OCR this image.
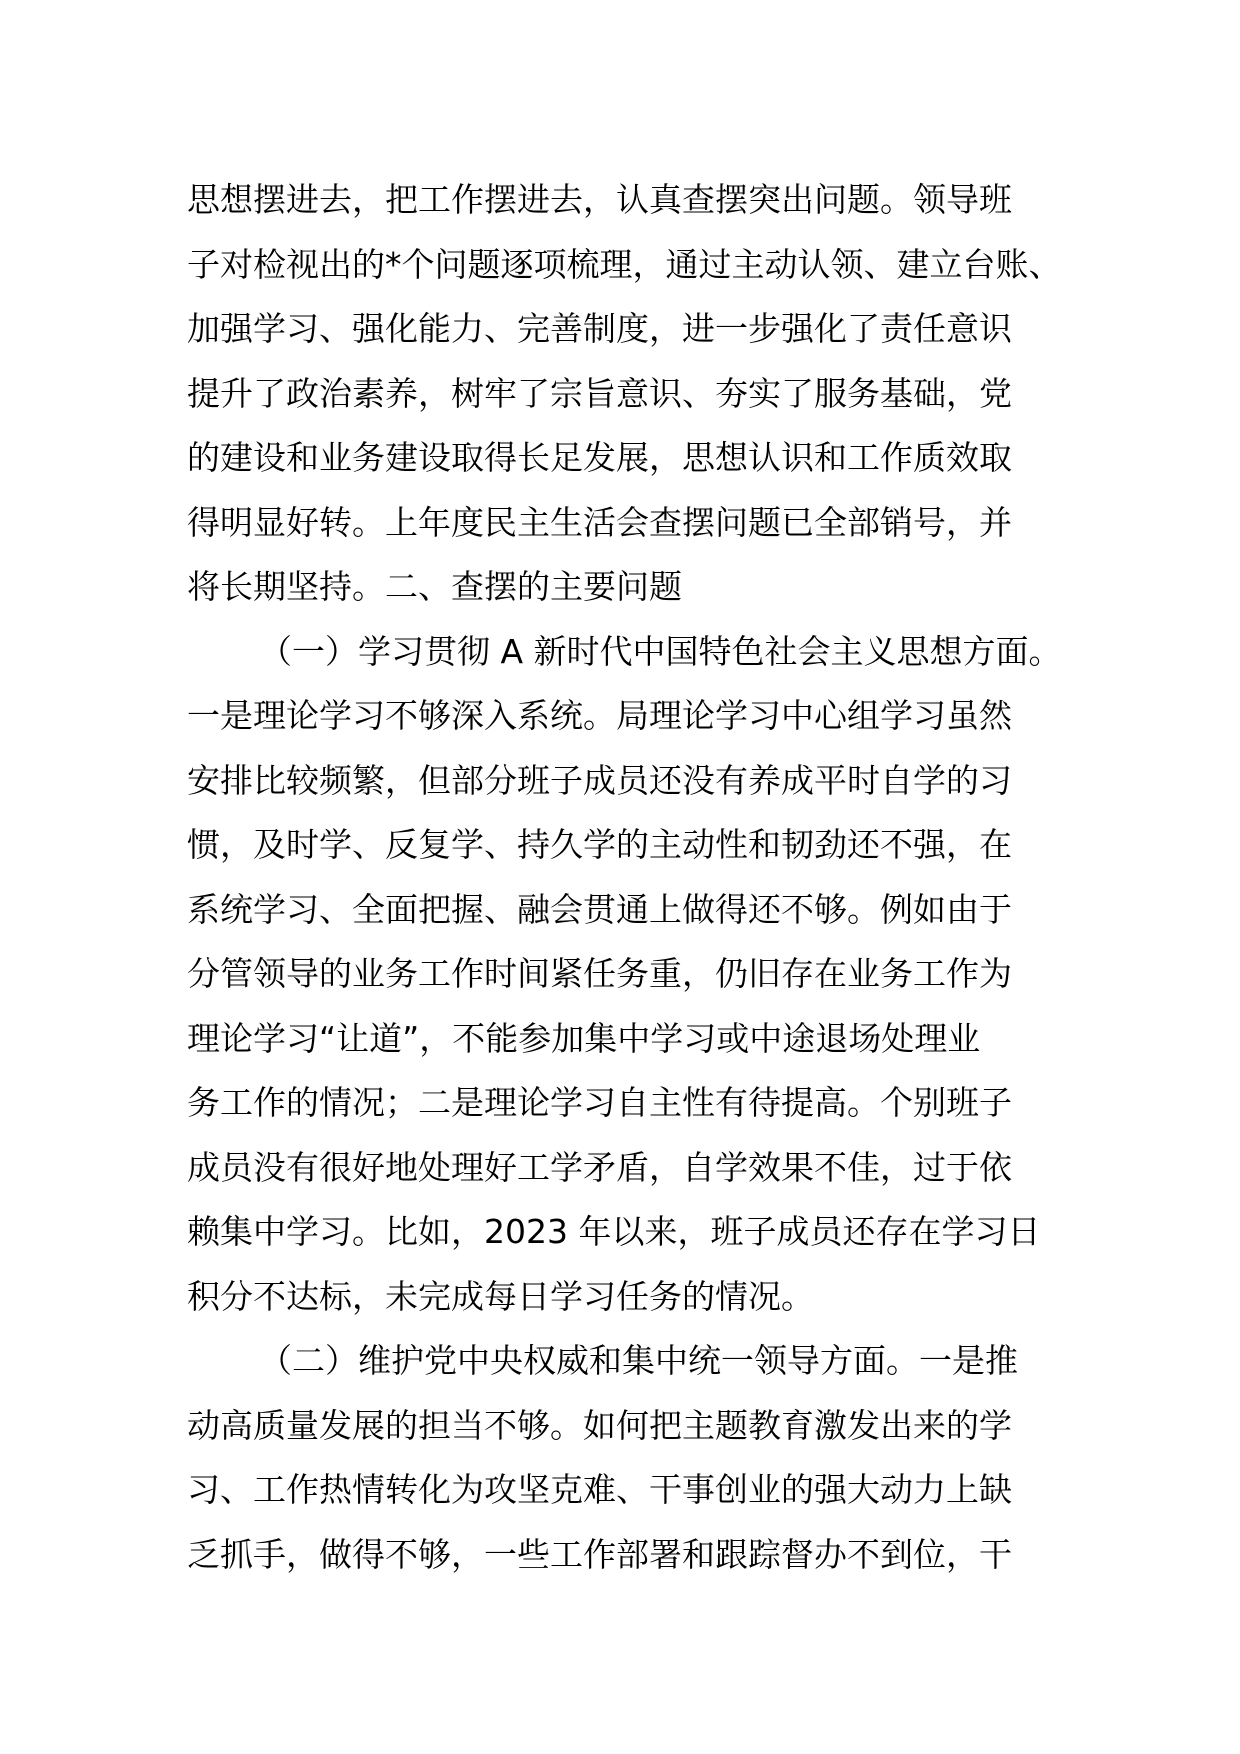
思想摆进去，把工作摆进去，认真查摆突出问题。领导班
子对检视出的*个问题逐项梳理，通过主动认领、建立台账、
加强学习、强化能力、完善制度，进一步强化了责任意识
提升了政治素养，树牢了宗旨意识、夯实了服务基础，党
的建设和业务建设取得长足发展，思想认识和工作质效取
得明显好转。上年度民主生活会查摆问题已全部销号，并
将长期坚持。二、查摆的主要问题
（一）学习贯彻 A 新时代中国特色社会主义思想方面。
一是理论学习不够深入系统。局理论学习中心组学习虽然
安排比较频繁，但部分班子成员还没有养成平时自学的习
惯，及时学、反复学、持久学的主动性和韧劲还不强，在
系统学习、全面把握、融会贯通上做得还不够。例如由于
分管领导的业务工作时间紧任务重，仍旧存在业务工作为
理论学习“让道”，不能参加集中学习或中途退场处理业
务工作的情况；二是理论学习自主性有待提高。个别班子
成员没有很好地处理好工学矛盾，自学效果不佳，过于依
赖集中学习。比如，2023 年以来，班子成员还存在学习日
积分不达标，未完成每日学习任务的情况。
（二）维护党中央权威和集中统一领导方面。一是推
动高质量发展的担当不够。如何把主题教育激发出来的学
习、工作热情转化为攻坚克难、干事创业的强大动力上缺
乏抓手，做得不够，一些工作部署和跟踪督办不到位，干
